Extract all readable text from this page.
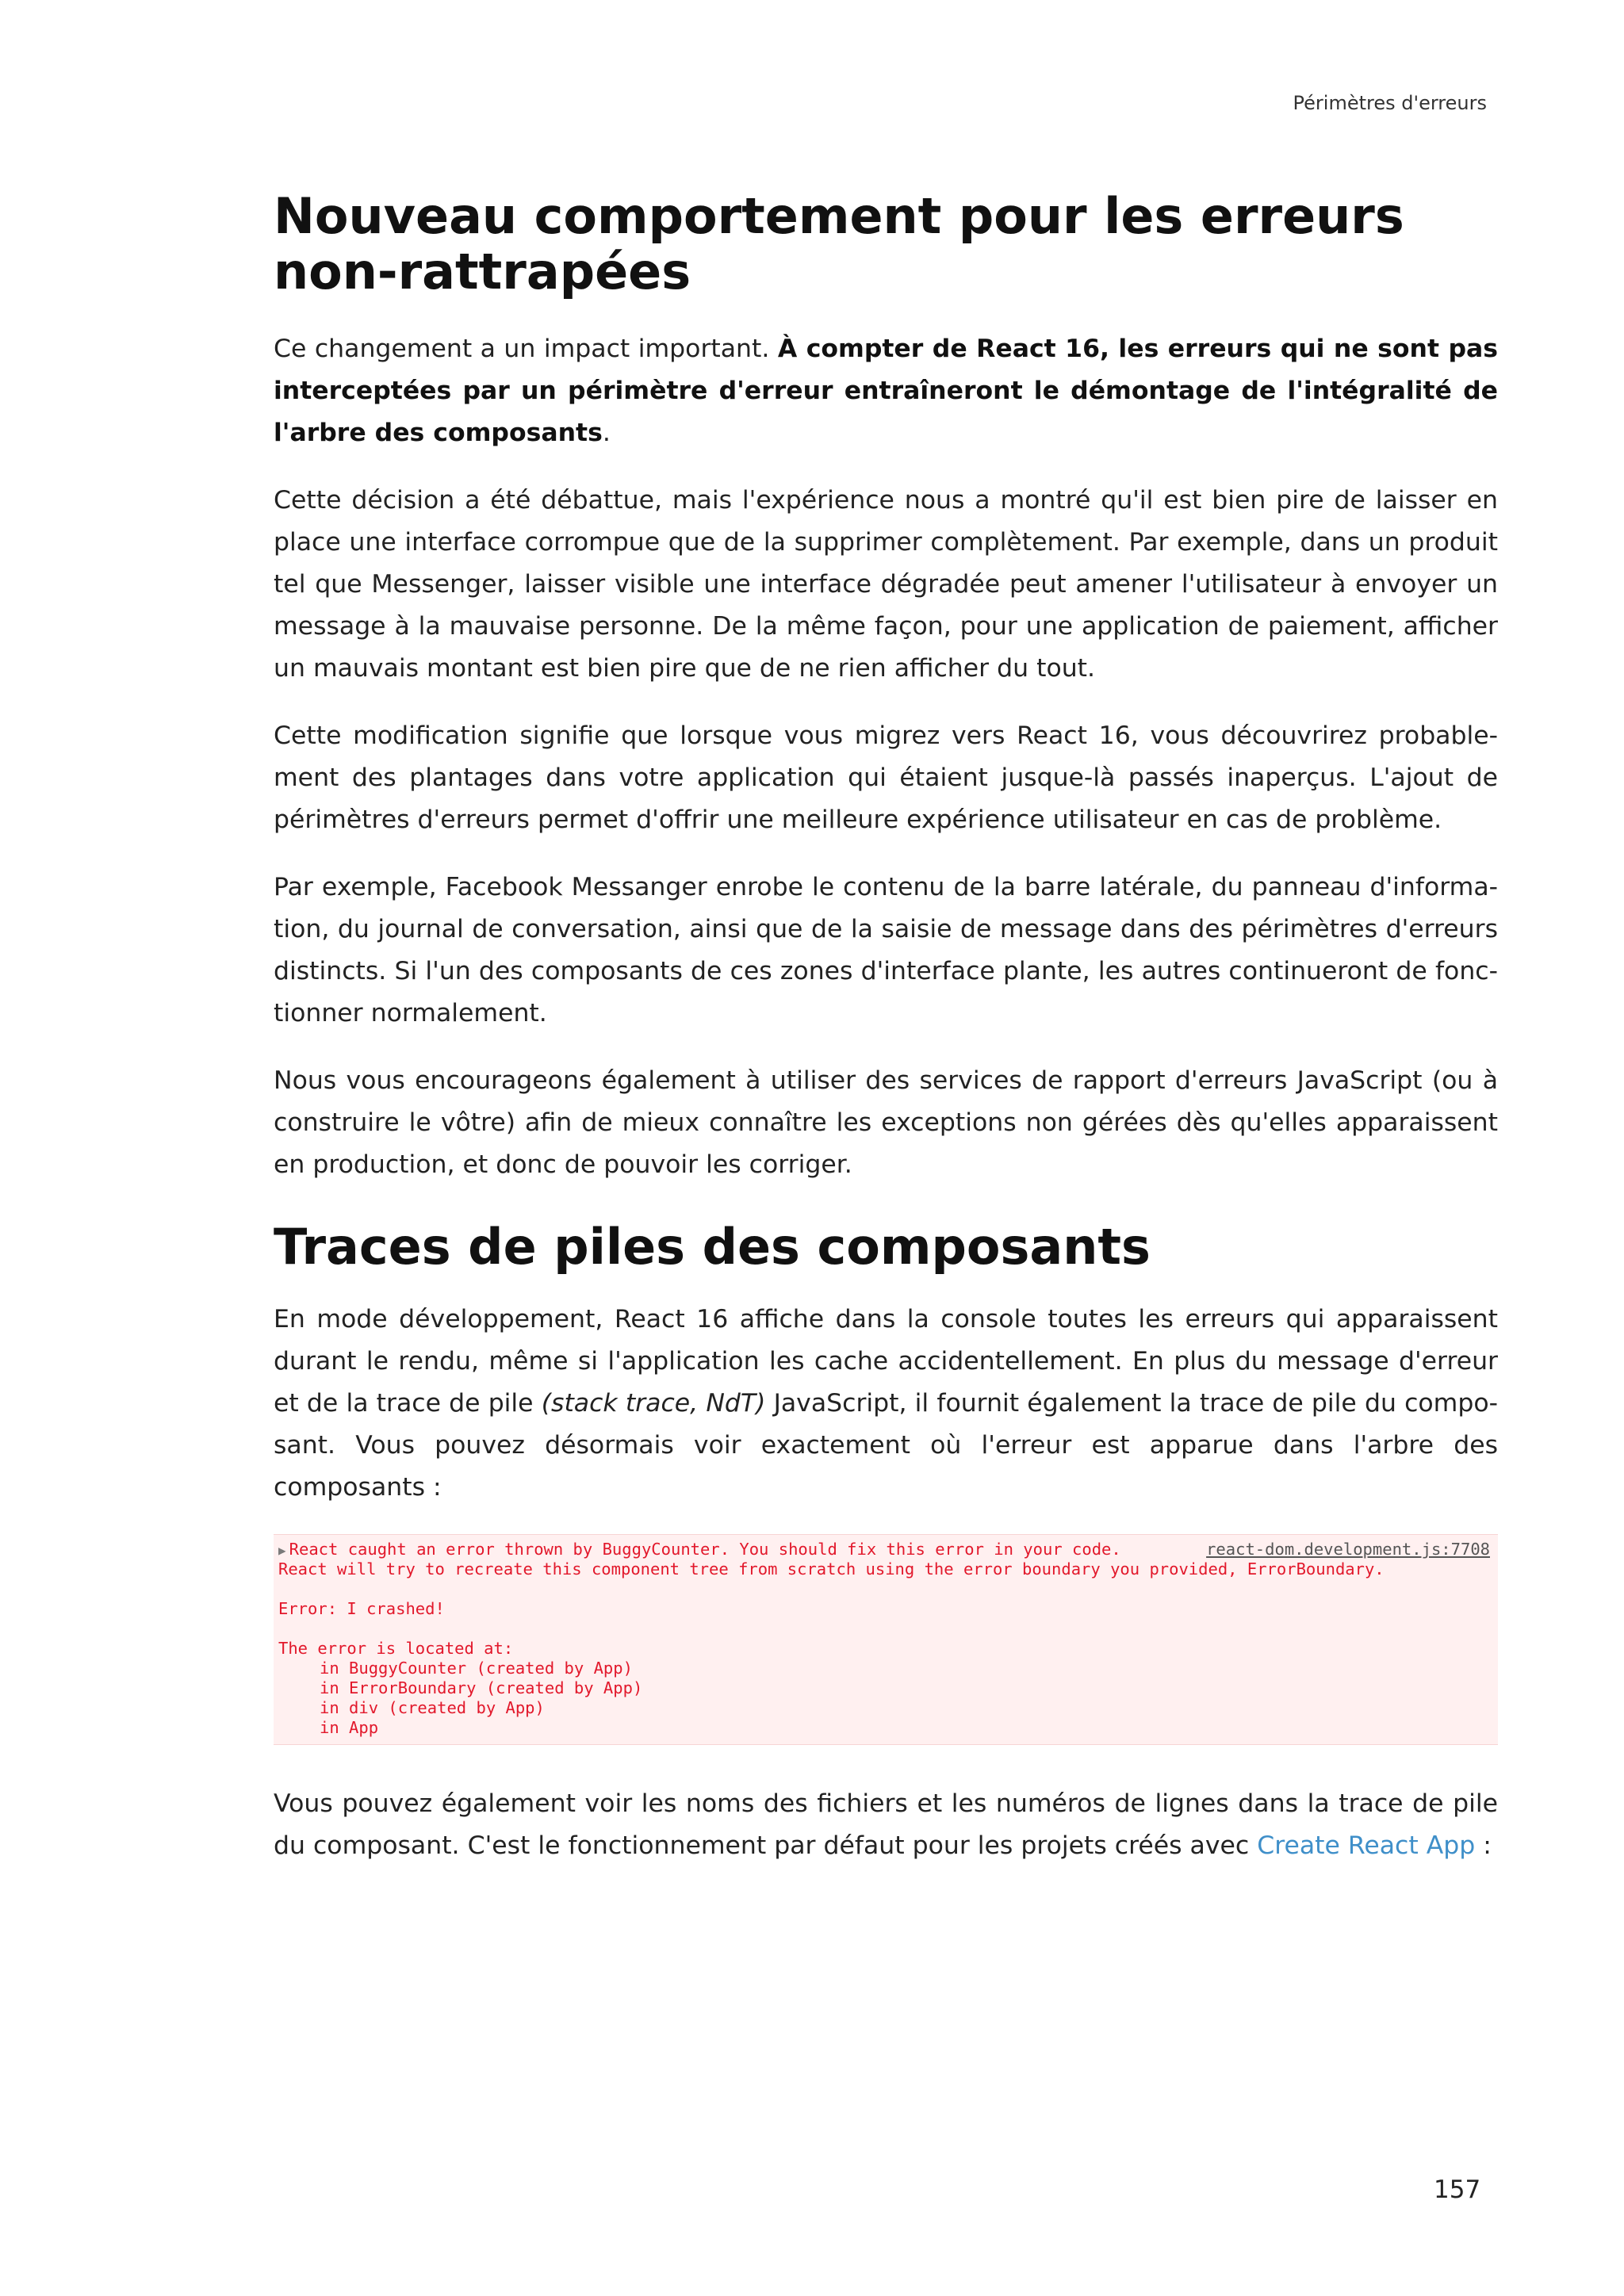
Périmètres d'erreurs
Nouveau comportement pour les erreurs non-rattrapées

Ce changement a un impact important. À compter de React 16, les erreurs qui ne sont pas interceptées par un périmètre d'erreur entraîneront le démontage de l'intégralité de l'arbre des composants.

Cette décision a été débattue, mais l'expérience nous a montré qu'il est bien pire de laisser en place une interface corrompue que de la supprimer complètement. Par exemple, dans un produit tel que Messenger, laisser visible une interface dégradée peut amener l'utilisateur à envoyer un message à la mauvaise personne. De la même façon, pour une application de paiement, afficher un mauvais montant est bien pire que de ne rien afficher du tout.

Cette modification signifie que lorsque vous migrez vers React 16, vous découvrirez probablement des plantages dans votre application qui étaient jusque-là passés inaperçus. L'ajout de périmètres d'erreurs permet d'offrir une meilleure expérience utilisateur en cas de problème.

Par exemple, Facebook Messanger enrobe le contenu de la barre latérale, du panneau d'information, du journal de conversation, ainsi que de la saisie de message dans des périmètres d'erreurs distincts. Si l'un des composants de ces zones d'interface plante, les autres continueront de fonctionner normalement.

Nous vous encourageons également à utiliser des services de rapport d'erreurs JavaScript (ou à construire le vôtre) afin de mieux connaître les exceptions non gérées dès qu'elles apparaissent en production, et donc de pouvoir les corriger.

Traces de piles des composants

En mode développement, React 16 affiche dans la console toutes les erreurs qui apparaissent durant le rendu, même si l'application les cache accidentellement. En plus du message d'erreur et de la trace de pile (stack trace, NdT) JavaScript, il fournit également la trace de pile du composant. Vous pouvez désormais voir exactement où l'erreur est apparue dans l'arbre des composants :

▶ React caught an error thrown by BuggyCounter. You should fix this error in your code.	react-dom.development.js:7708
React will try to recreate this component tree from scratch using the error boundary you provided, ErrorBoundary.
Error: I crashed!
The error is located at:
in BuggyCounter (created by App)
in ErrorBoundary (created by App)
in div (created by App)
in App

Vous pouvez également voir les noms des fichiers et les numéros de lignes dans la trace de pile du composant. C'est le fonctionnement par défaut pour les projets créés avec Create React App :

157
